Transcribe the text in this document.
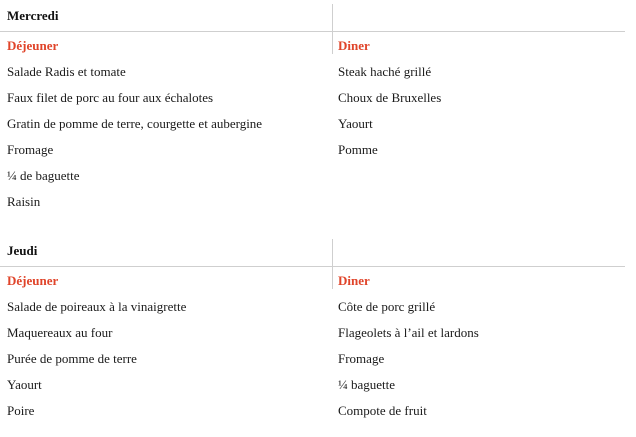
Mercredi
Déjeuner
Salade Radis et tomate
Faux filet de porc au four aux échalotes
Gratin de pomme de terre, courgette et aubergine
Fromage
¼ de baguette
Raisin
Diner
Steak haché grillé
Choux de Bruxelles
Yaourt
Pomme
Jeudi
Déjeuner
Salade de poireaux à la vinaigrette
Maquereaux au four
Purée de pomme de terre
Yaourt
Poire
Diner
Côte de porc grillé
Flageolets à l’ail et lardons
Fromage
¼ baguette
Compote de fruit
